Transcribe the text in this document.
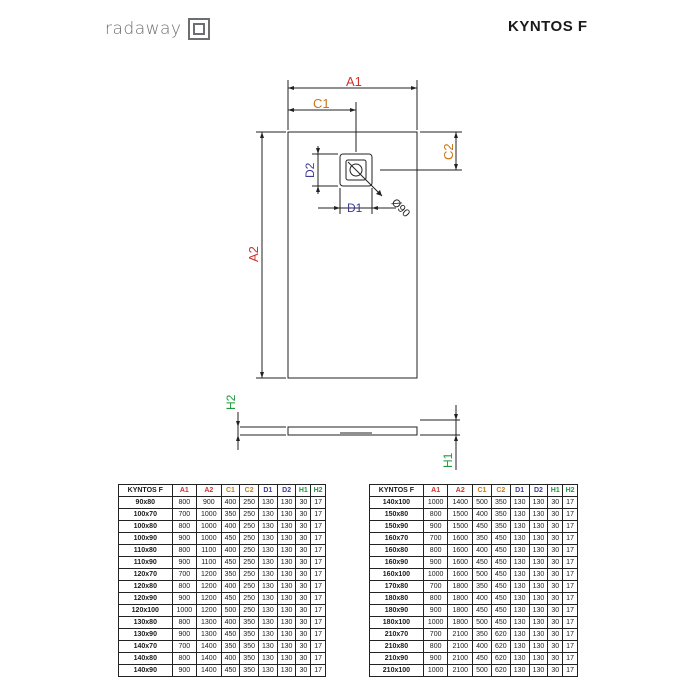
radaway	KYNTOS F
A1
C1
D1 Ø90
D2
C2
A2
H2
H1
KYNTOS F	A1	A2	C1	C2	D1	D2	H1	H2
90x80	800	900	400	250	130	130	30	17
100x70	700	1000	350	250	130	130	30	17
100x80	800	1000	400	250	130	130	30	17
100x90	900	1000	450	250	130	130	30	17
110x80	800	1100	400	250	130	130	30	17
110x90	900	1100	450	250	130	130	30	17
120x70	700	1200	350	250	130	130	30	17
120x80	800	1200	400	250	130	130	30	17
120x90	900	1200	450	250	130	130	30	17
120x100	1000	1200	500	250	130	130	30	17
130x80	800	1300	400	350	130	130	30	17
130x90	900	1300	450	350	130	130	30	17
140x70	700	1400	350	350	130	130	30	17
140x80	800	1400	400	350	130	130	30	17
140x90	900	1400	450	350	130	130	30	17
KYNTOS F	A1	A2	C1	C2	D1	D2	H1	H2
140x100	1000	1400	500	350	130	130	30	17
150x80	800	1500	400	350	130	130	30	17
150x90	900	1500	450	350	130	130	30	17
160x70	700	1600	350	450	130	130	30	17
160x80	800	1600	400	450	130	130	30	17
160x90	900	1600	450	450	130	130	30	17
160x100	1000	1600	500	450	130	130	30	17
170x80	700	1800	350	450	130	130	30	17
180x80	800	1800	400	450	130	130	30	17
180x90	900	1800	450	450	130	130	30	17
180x100	1000	1800	500	450	130	130	30	17
210x70	700	2100	350	620	130	130	30	17
210x80	800	2100	400	620	130	130	30	17
210x90	900	2100	450	620	130	130	30	17
210x100	1000	2100	500	620	130	130	30	17
